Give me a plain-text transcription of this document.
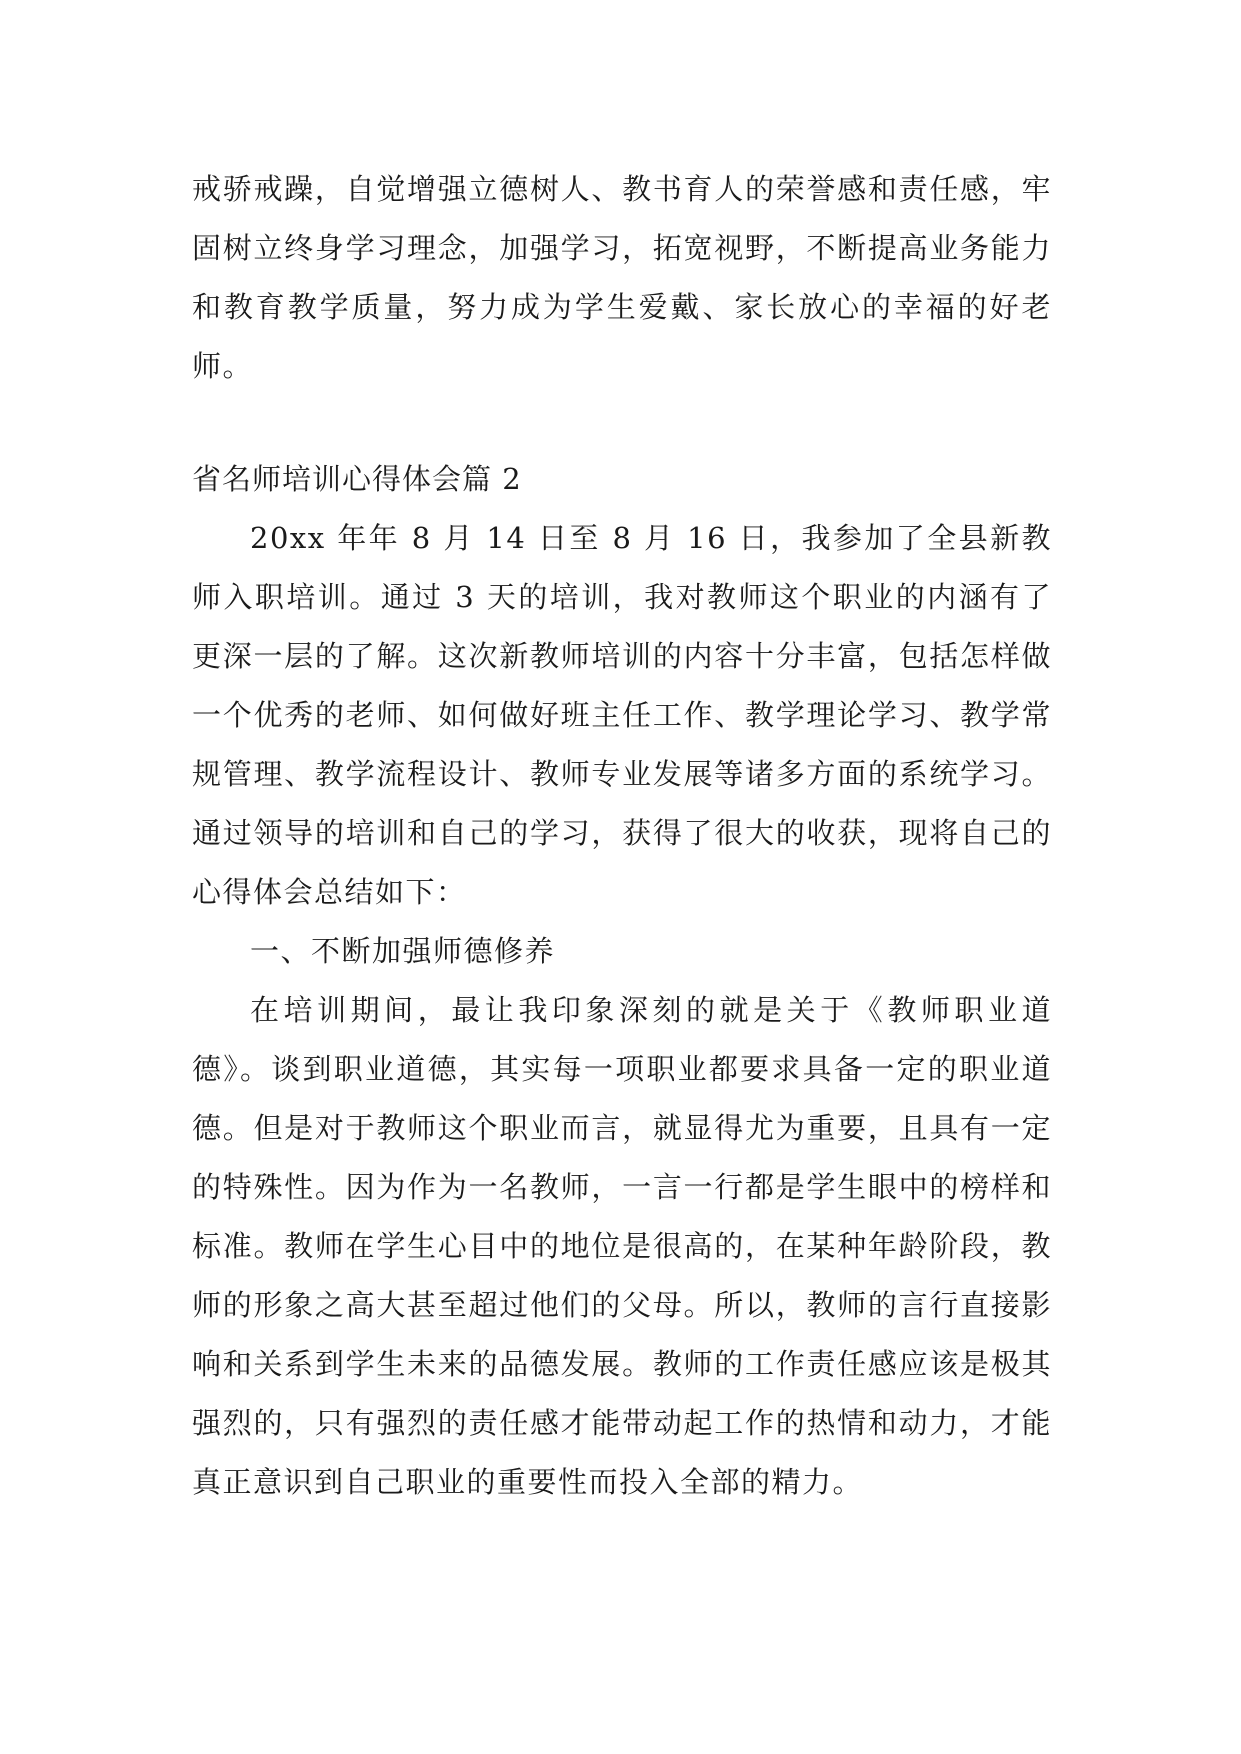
戒骄戒躁，自觉增强立德树人、教书育人的荣誉感和责任感，牢固树立终身学习理念，加强学习，拓宽视野，不断提高业务能力和教育教学质量，努力成为学生爱戴、家长放心的幸福的好老师。

省名师培训心得体会篇 2

20xx 年年 8 月 14 日至 8 月 16 日，我参加了全县新教师入职培训。通过 3 天的培训，我对教师这个职业的内涵有了更深一层的了解。这次新教师培训的内容十分丰富，包括怎样做一个优秀的老师、如何做好班主任工作、教学理论学习、教学常规管理、教学流程设计、教师专业发展等诸多方面的系统学习。通过领导的培训和自己的学习，获得了很大的收获，现将自己的心得体会总结如下：

一、不断加强师德修养

在培训期间，最让我印象深刻的就是关于《教师职业道德》。谈到职业道德，其实每一项职业都要求具备一定的职业道德。但是对于教师这个职业而言，就显得尤为重要，且具有一定的特殊性。因为作为一名教师，一言一行都是学生眼中的榜样和标准。教师在学生心目中的地位是很高的，在某种年龄阶段，教师的形象之高大甚至超过他们的父母。所以，教师的言行直接影响和关系到学生未来的品德发展。教师的工作责任感应该是极其强烈的，只有强烈的责任感才能带动起工作的热情和动力，才能真正意识到自己职业的重要性而投入全部的精力。
